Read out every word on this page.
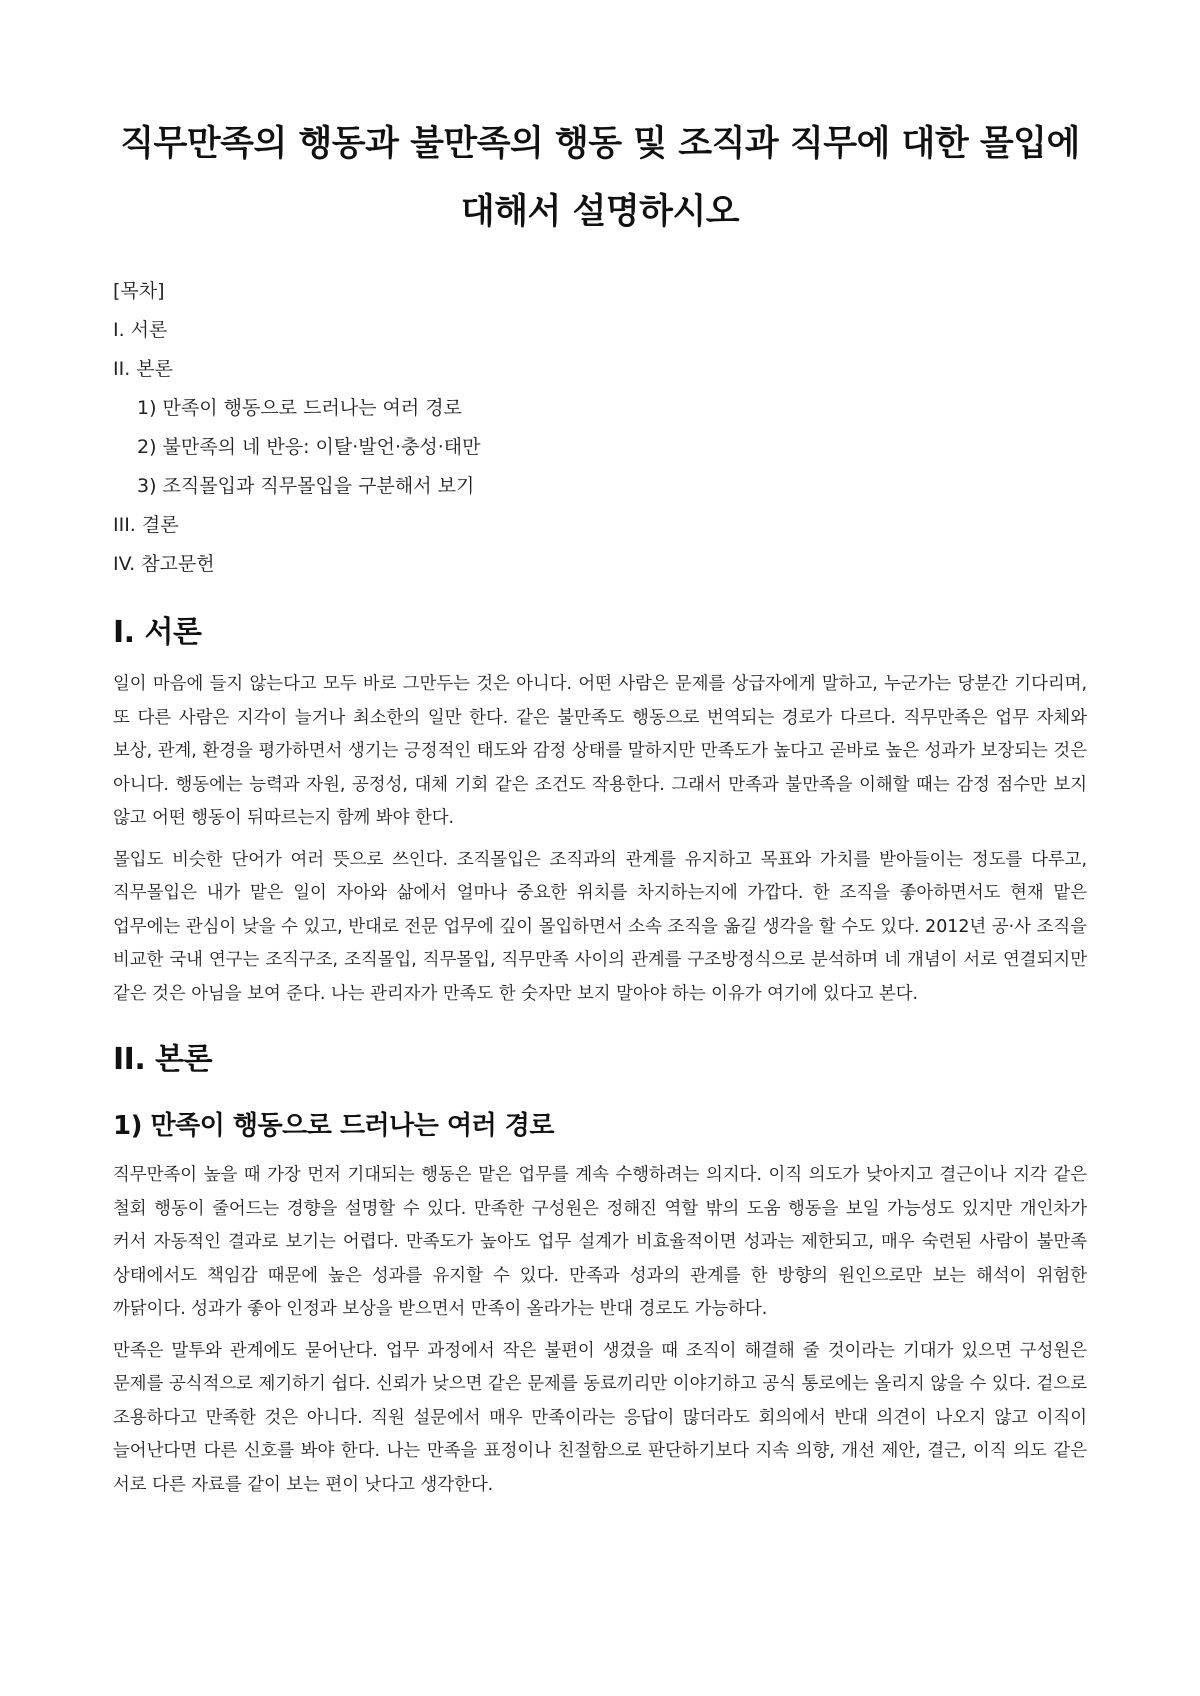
직무만족의 행동과 불만족의 행동 및 조직과 직무에 대한 몰입에 대해서 설명하시오
[목차]
I. 서론
II. 본론
1) 만족이 행동으로 드러나는 여러 경로
2) 불만족의 네 반응: 이탈·발언·충성·태만
3) 조직몰입과 직무몰입을 구분해서 보기
III. 결론
IV. 참고문헌
I. 서론

일이 마음에 들지 않는다고 모두 바로 그만두는 것은 아니다. 어떤 사람은 문제를 상급자에게 말하고, 누군가는 당분간 기다리며, 또 다른 사람은 지각이 늘거나 최소한의 일만 한다. 같은 불만족도 행동으로 번역되는 경로가 다르다. 직무만족은 업무 자체와 보상, 관계, 환경을 평가하면서 생기는 긍정적인 태도와 감정 상태를 말하지만 만족도가 높다고 곧바로 높은 성과가 보장되는 것은 아니다. 행동에는 능력과 자원, 공정성, 대체 기회 같은 조건도 작용한다. 그래서 만족과 불만족을 이해할 때는 감정 점수만 보지 않고 어떤 행동이 뒤따르는지 함께 봐야 한다.

몰입도 비슷한 단어가 여러 뜻으로 쓰인다. 조직몰입은 조직과의 관계를 유지하고 목표와 가치를 받아들이는 정도를 다루고, 직무몰입은 내가 맡은 일이 자아와 삶에서 얼마나 중요한 위치를 차지하는지에 가깝다. 한 조직을 좋아하면서도 현재 맡은 업무에는 관심이 낮을 수 있고, 반대로 전문 업무에 깊이 몰입하면서 소속 조직을 옮길 생각을 할 수도 있다. 2012년 공·사 조직을 비교한 국내 연구는 조직구조, 조직몰입, 직무몰입, 직무만족 사이의 관계를 구조방정식으로 분석하며 네 개념이 서로 연결되지만 같은 것은 아님을 보여 준다. 나는 관리자가 만족도 한 숫자만 보지 말아야 하는 이유가 여기에 있다고 본다.

II. 본론
1) 만족이 행동으로 드러나는 여러 경로

직무만족이 높을 때 가장 먼저 기대되는 행동은 맡은 업무를 계속 수행하려는 의지다. 이직 의도가 낮아지고 결근이나 지각 같은 철회 행동이 줄어드는 경향을 설명할 수 있다. 만족한 구성원은 정해진 역할 밖의 도움 행동을 보일 가능성도 있지만 개인차가 커서 자동적인 결과로 보기는 어렵다. 만족도가 높아도 업무 설계가 비효율적이면 성과는 제한되고, 매우 숙련된 사람이 불만족 상태에서도 책임감 때문에 높은 성과를 유지할 수 있다. 만족과 성과의 관계를 한 방향의 원인으로만 보는 해석이 위험한 까닭이다. 성과가 좋아 인정과 보상을 받으면서 만족이 올라가는 반대 경로도 가능하다.

만족은 말투와 관계에도 묻어난다. 업무 과정에서 작은 불편이 생겼을 때 조직이 해결해 줄 것이라는 기대가 있으면 구성원은 문제를 공식적으로 제기하기 쉽다. 신뢰가 낮으면 같은 문제를 동료끼리만 이야기하고 공식 통로에는 올리지 않을 수 있다. 겉으로 조용하다고 만족한 것은 아니다. 직원 설문에서 매우 만족이라는 응답이 많더라도 회의에서 반대 의견이 나오지 않고 이직이 늘어난다면 다른 신호를 봐야 한다. 나는 만족을 표정이나 친절함으로 판단하기보다 지속 의향, 개선 제안, 결근, 이직 의도 같은 서로 다른 자료를 같이 보는 편이 낫다고 생각한다.
